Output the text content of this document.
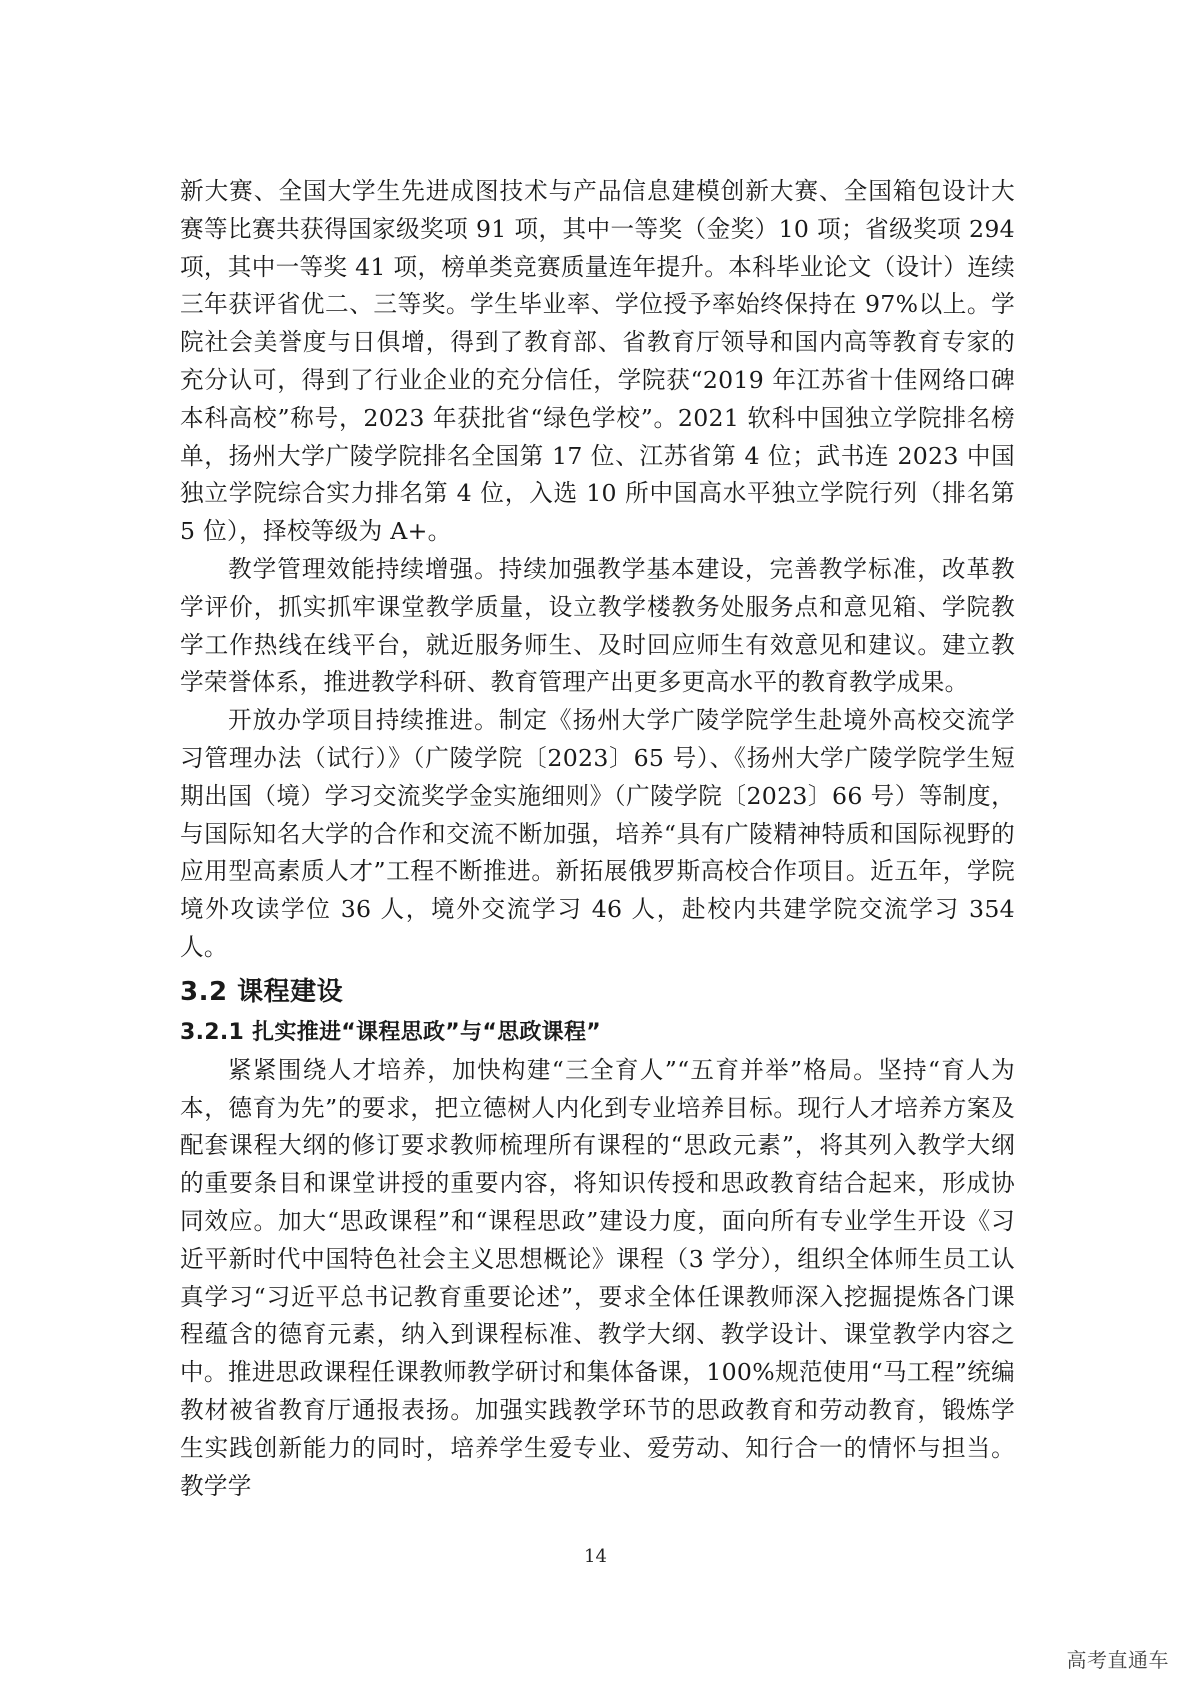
新大赛、全国大学生先进成图技术与产品信息建模创新大赛、全国箱包设计大赛等比赛共获得国家级奖项 91 项，其中一等奖（金奖）10 项；省级奖项 294 项，其中一等奖 41 项，榜单类竞赛质量连年提升。本科毕业论文（设计）连续三年获评省优二、三等奖。学生毕业率、学位授予率始终保持在 97%以上。学院社会美誉度与日俱增，得到了教育部、省教育厅领导和国内高等教育专家的充分认可，得到了行业企业的充分信任，学院获“2019 年江苏省十佳网络口碑本科高校”称号，2023 年获批省“绿色学校”。2021 软科中国独立学院排名榜单，扬州大学广陵学院排名全国第 17 位、江苏省第 4 位；武书连 2023 中国独立学院综合实力排名第 4 位，入选 10 所中国高水平独立学院行列（排名第 5 位），择校等级为 A+。

教学管理效能持续增强。持续加强教学基本建设，完善教学标准，改革教学评价，抓实抓牢课堂教学质量，设立教学楼教务处服务点和意见箱、学院教学工作热线在线平台，就近服务师生、及时回应师生有效意见和建议。建立教学荣誉体系，推进教学科研、教育管理产出更多更高水平的教育教学成果。

开放办学项目持续推进。制定《扬州大学广陵学院学生赴境外高校交流学习管理办法（试行）》（广陵学院〔2023〕65 号）、《扬州大学广陵学院学生短期出国（境）学习交流奖学金实施细则》（广陵学院〔2023〕66 号）等制度，与国际知名大学的合作和交流不断加强，培养“具有广陵精神特质和国际视野的应用型高素质人才”工程不断推进。新拓展俄罗斯高校合作项目。近五年，学院境外攻读学位 36 人，境外交流学习 46 人，赴校内共建学院交流学习 354 人。

3.2 课程建设
3.2.1 扎实推进“课程思政”与“思政课程”

紧紧围绕人才培养，加快构建“三全育人”“五育并举”格局。坚持“育人为本，德育为先”的要求，把立德树人内化到专业培养目标。现行人才培养方案及配套课程大纲的修订要求教师梳理所有课程的“思政元素”，将其列入教学大纲的重要条目和课堂讲授的重要内容，将知识传授和思政教育结合起来，形成协同效应。加大“思政课程”和“课程思政”建设力度，面向所有专业学生开设《习近平新时代中国特色社会主义思想概论》课程（3 学分），组织全体师生员工认真学习“习近平总书记教育重要论述”，要求全体任课教师深入挖掘提炼各门课程蕴含的德育元素，纳入到课程标准、教学大纲、教学设计、课堂教学内容之中。推进思政课程任课教师教学研讨和集体备课，100%规范使用“马工程”统编教材被省教育厅通报表扬。加强实践教学环节的思政教育和劳动教育，锻炼学生实践创新能力的同时，培养学生爱专业、爱劳动、知行合一的情怀与担当。教学学

14
高考直通车
